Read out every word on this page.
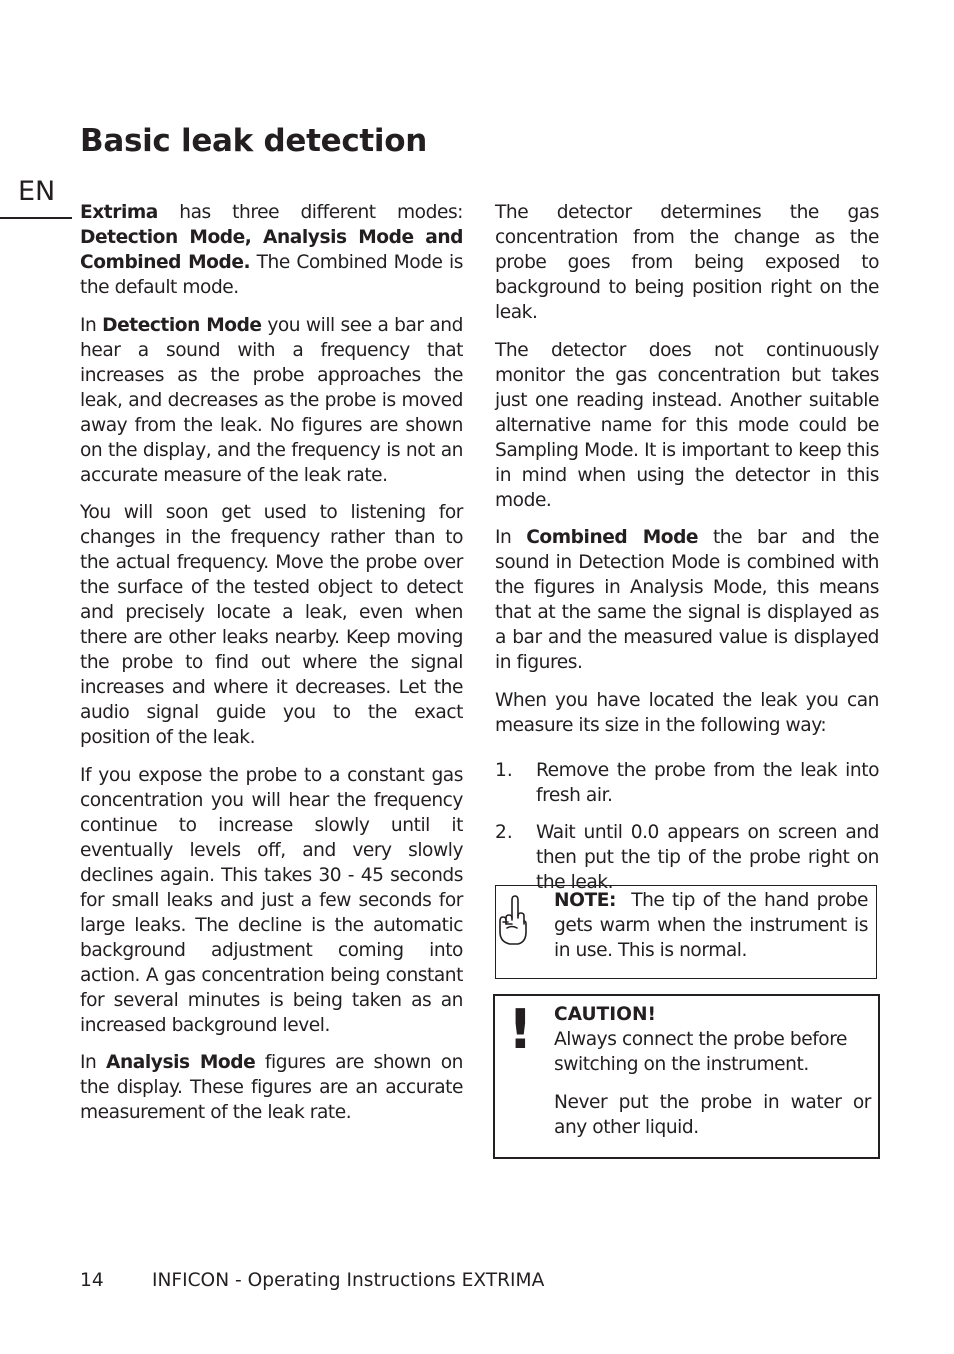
Basic leak detection
EN

Extrima has three different modes: Detection Mode, Analysis Mode and Combined Mode. The Combined Mode is the default mode.

In Detection Mode you will see a bar and hear a sound with a frequency that increases as the probe approaches the leak, and decreases as the probe is moved away from the leak. No figures are shown on the display, and the frequency is not an accurate measure of the leak rate.

You will soon get used to listening for changes in the frequency rather than to the actual frequency. Move the probe over the surface of the tested object to detect and precisely locate a leak, even when there are other leaks nearby. Keep moving the probe to find out where the signal increases and where it decreases. Let the audio signal guide you to the exact position of the leak.

If you expose the probe to a constant gas concentration you will hear the frequency continue to increase slowly until it eventually levels off, and very slowly declines again. This takes 30 - 45 seconds for small leaks and just a few seconds for large leaks. The decline is the automatic background adjustment coming into action. A gas concentration being constant for several minutes is being taken as an increased background level.

In Analysis Mode figures are shown on the display. These figures are an accurate measurement of the leak rate.

The detector determines the gas concentration from the change as the probe goes from being exposed to background to being position right on the leak.

The detector does not continuously monitor the gas concentration but takes just one reading instead. Another suitable alternative name for this mode could be Sampling Mode. It is important to keep this in mind when using the detector in this mode.

In Combined Mode the bar and the sound in Detection Mode is combined with the figures in Analysis Mode, this means that at the same the signal is displayed as a bar and the measured value is displayed in figures.

When you have located the leak you can measure its size in the following way:

1.	Remove the probe from the leak into fresh air.
2.	Wait until 0.0 appears on screen and then put the tip of the probe right on the leak.
NOTE:  The tip of the hand probe gets warm when the instrument is in use. This is normal.
! CAUTION!

Always connect the probe before switching on the instrument.

Never put the probe in water or any other liquid.

14	INFICON - Operating Instructions EXTRIMA
